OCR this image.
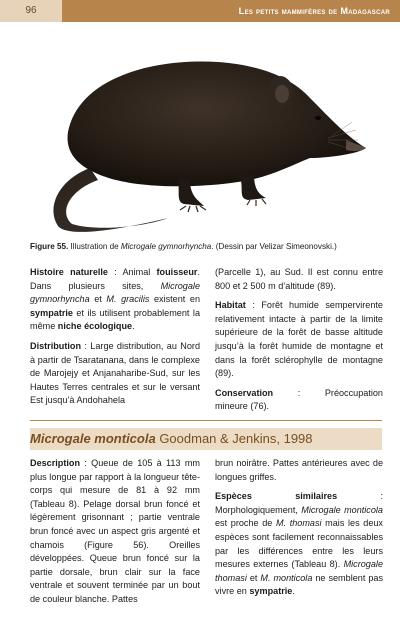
96	Les petits mammifères de Madagascar
Figure 55. Illustration de Microgale gymnorhyncha. (Dessin par Velizar Simeonovski.)

Histoire naturelle : Animal fouisseur. Dans plusieurs sites, Microgale gymnorhyncha et M. gracilis existent en sympatrie et ils utilisent probablement la même niche écologique.

Distribution : Large distribution, au Nord à partir de Tsaratanana, dans le complexe de Marojejy et Anjanaharibe-Sud, sur les Hautes Terres centrales et sur le versant Est jusqu’à Andohahela

(Parcelle 1), au Sud. Il est connu entre 800 et 2 500 m d’altitude (89).

Habitat : Forêt humide sempervirente relativement intacte à partir de la limite supérieure de la forêt de basse altitude jusqu’à la forêt humide de montagne et dans la forêt sclérophylle de montagne (89).

Conservation	:	Préoccupation
mineure (76).
Microgale monticola Goodman & Jenkins, 1998

Description : Queue de 105 à 113 mm plus longue par rapport à la longueur tête-corps qui mesure de 81 à 92 mm (Tableau 8). Pelage dorsal brun foncé et légèrement grisonnant ; partie ventrale brun foncé avec un aspect gris argenté et chamois (Figure 56). Oreilles développées. Queue brun foncé sur la partie dorsale, brun clair sur la face ventrale et souvent terminée par un bout de couleur blanche. Pattes

brun noirâtre. Pattes antérieures avec de longues griffes.

Espèces	similaires	:
Morphologiquement, Microgale monticola est proche de M. thomasi mais les deux espèces sont facilement reconnaissables par les différences entre les leurs mesures externes (Tableau 8). Microgale thomasi et M. monticola ne semblent pas vivre en sympatrie.
